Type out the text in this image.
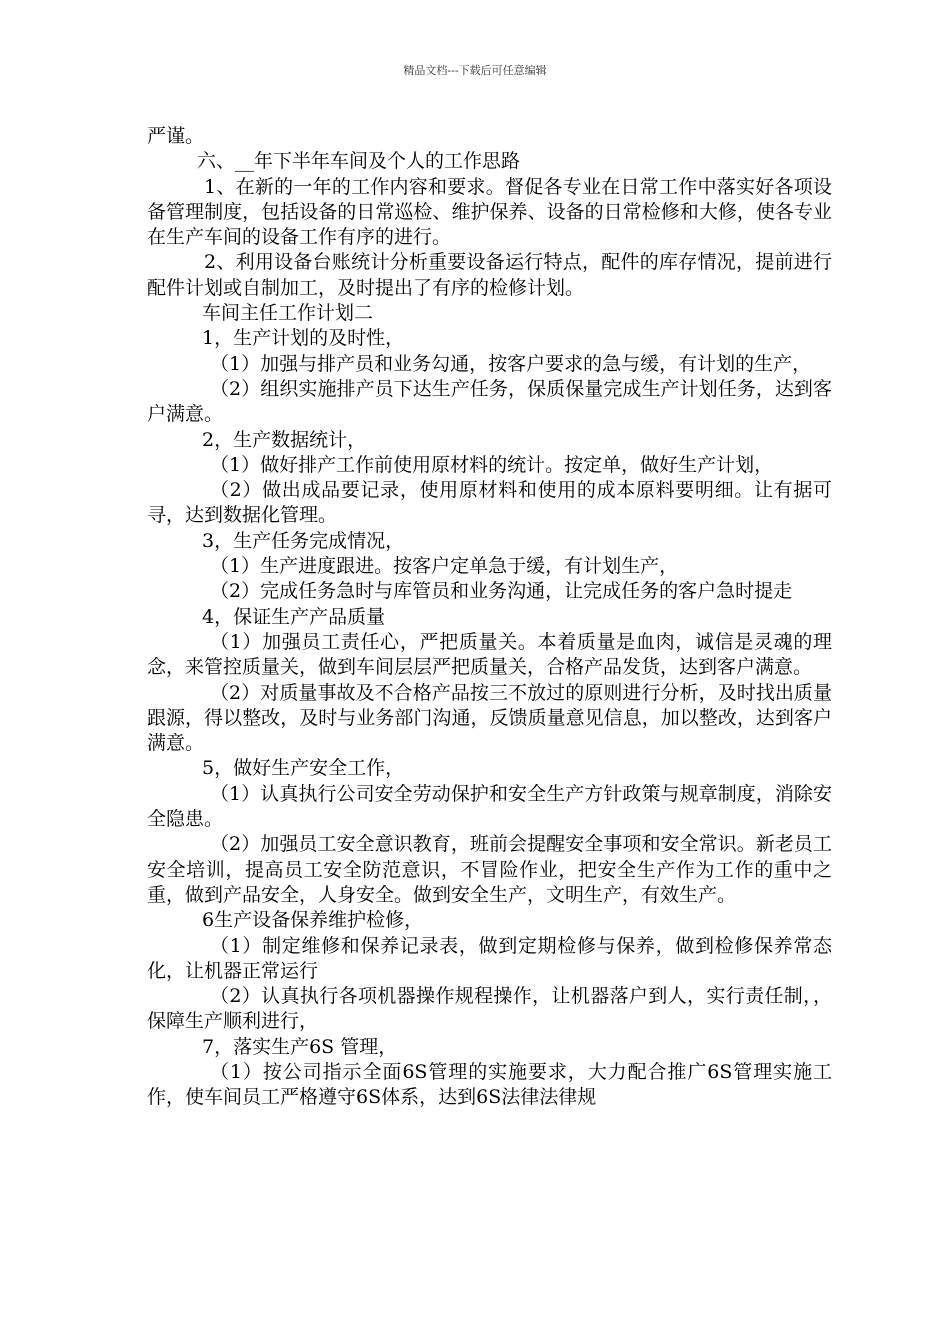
精品文档---下载后可任意编辑

严谨。

六、__年下半年车间及个人的工作思路

1、在新的一年的工作内容和要求。督促各专业在日常工作中落实好各项设备管理制度，包括设备的日常巡检、维护保养、设备的日常检修和大修，使各专业在生产车间的设备工作有序的进行。

2、利用设备台账统计分析重要设备运行特点，配件的库存情况，提前进行配件计划或自制加工，及时提出了有序的检修计划。

车间主任工作计划二

1，生产计划的及时性，

（1）加强与排产员和业务勾通，按客户要求的急与缓，有计划的生产，

（2）组织实施排产员下达生产任务，保质保量完成生产计划任务，达到客户满意。

2，生产数据统计，

（1）做好排产工作前使用原材料的统计。按定单，做好生产计划，

（2）做出成品要记录，使用原材料和使用的成本原料要明细。让有据可寻，达到数据化管理。

3，生产任务完成情况，

（1）生产进度跟进。按客户定单急于缓，有计划生产，

（2）完成任务急时与库管员和业务沟通，让完成任务的客户急时提走

4，保证生产产品质量

（1）加强员工责任心，严把质量关。本着质量是血肉，诚信是灵魂的理念，来管控质量关，做到车间层层严把质量关，合格产品发货，达到客户满意。

（2）对质量事故及不合格产品按三不放过的原则进行分析，及时找出质量跟源，得以整改，及时与业务部门沟通，反馈质量意见信息，加以整改，达到客户满意。

5，做好生产安全工作，

（1）认真执行公司安全劳动保护和安全生产方针政策与规章制度，消除安全隐患。

（2）加强员工安全意识教育，班前会提醒安全事项和安全常识。新老员工安全培训，提高员工安全防范意识，不冒险作业，把安全生产作为工作的重中之重，做到产品安全，人身安全。做到安全生产，文明生产，有效生产。

6生产设备保养维护检修，

（1）制定维修和保养记录表，做到定期检修与保养，做到检修保养常态化，让机器正常运行

（2）认真执行各项机器操作规程操作，让机器落户到人，实行责任制，，保障生产顺利进行，

7，落实生产6S 管理，

（1）按公司指示全面6S管理的实施要求，大力配合推广6S管理实施工作，使车间员工严格遵守6S体系，达到6S法律法律规
